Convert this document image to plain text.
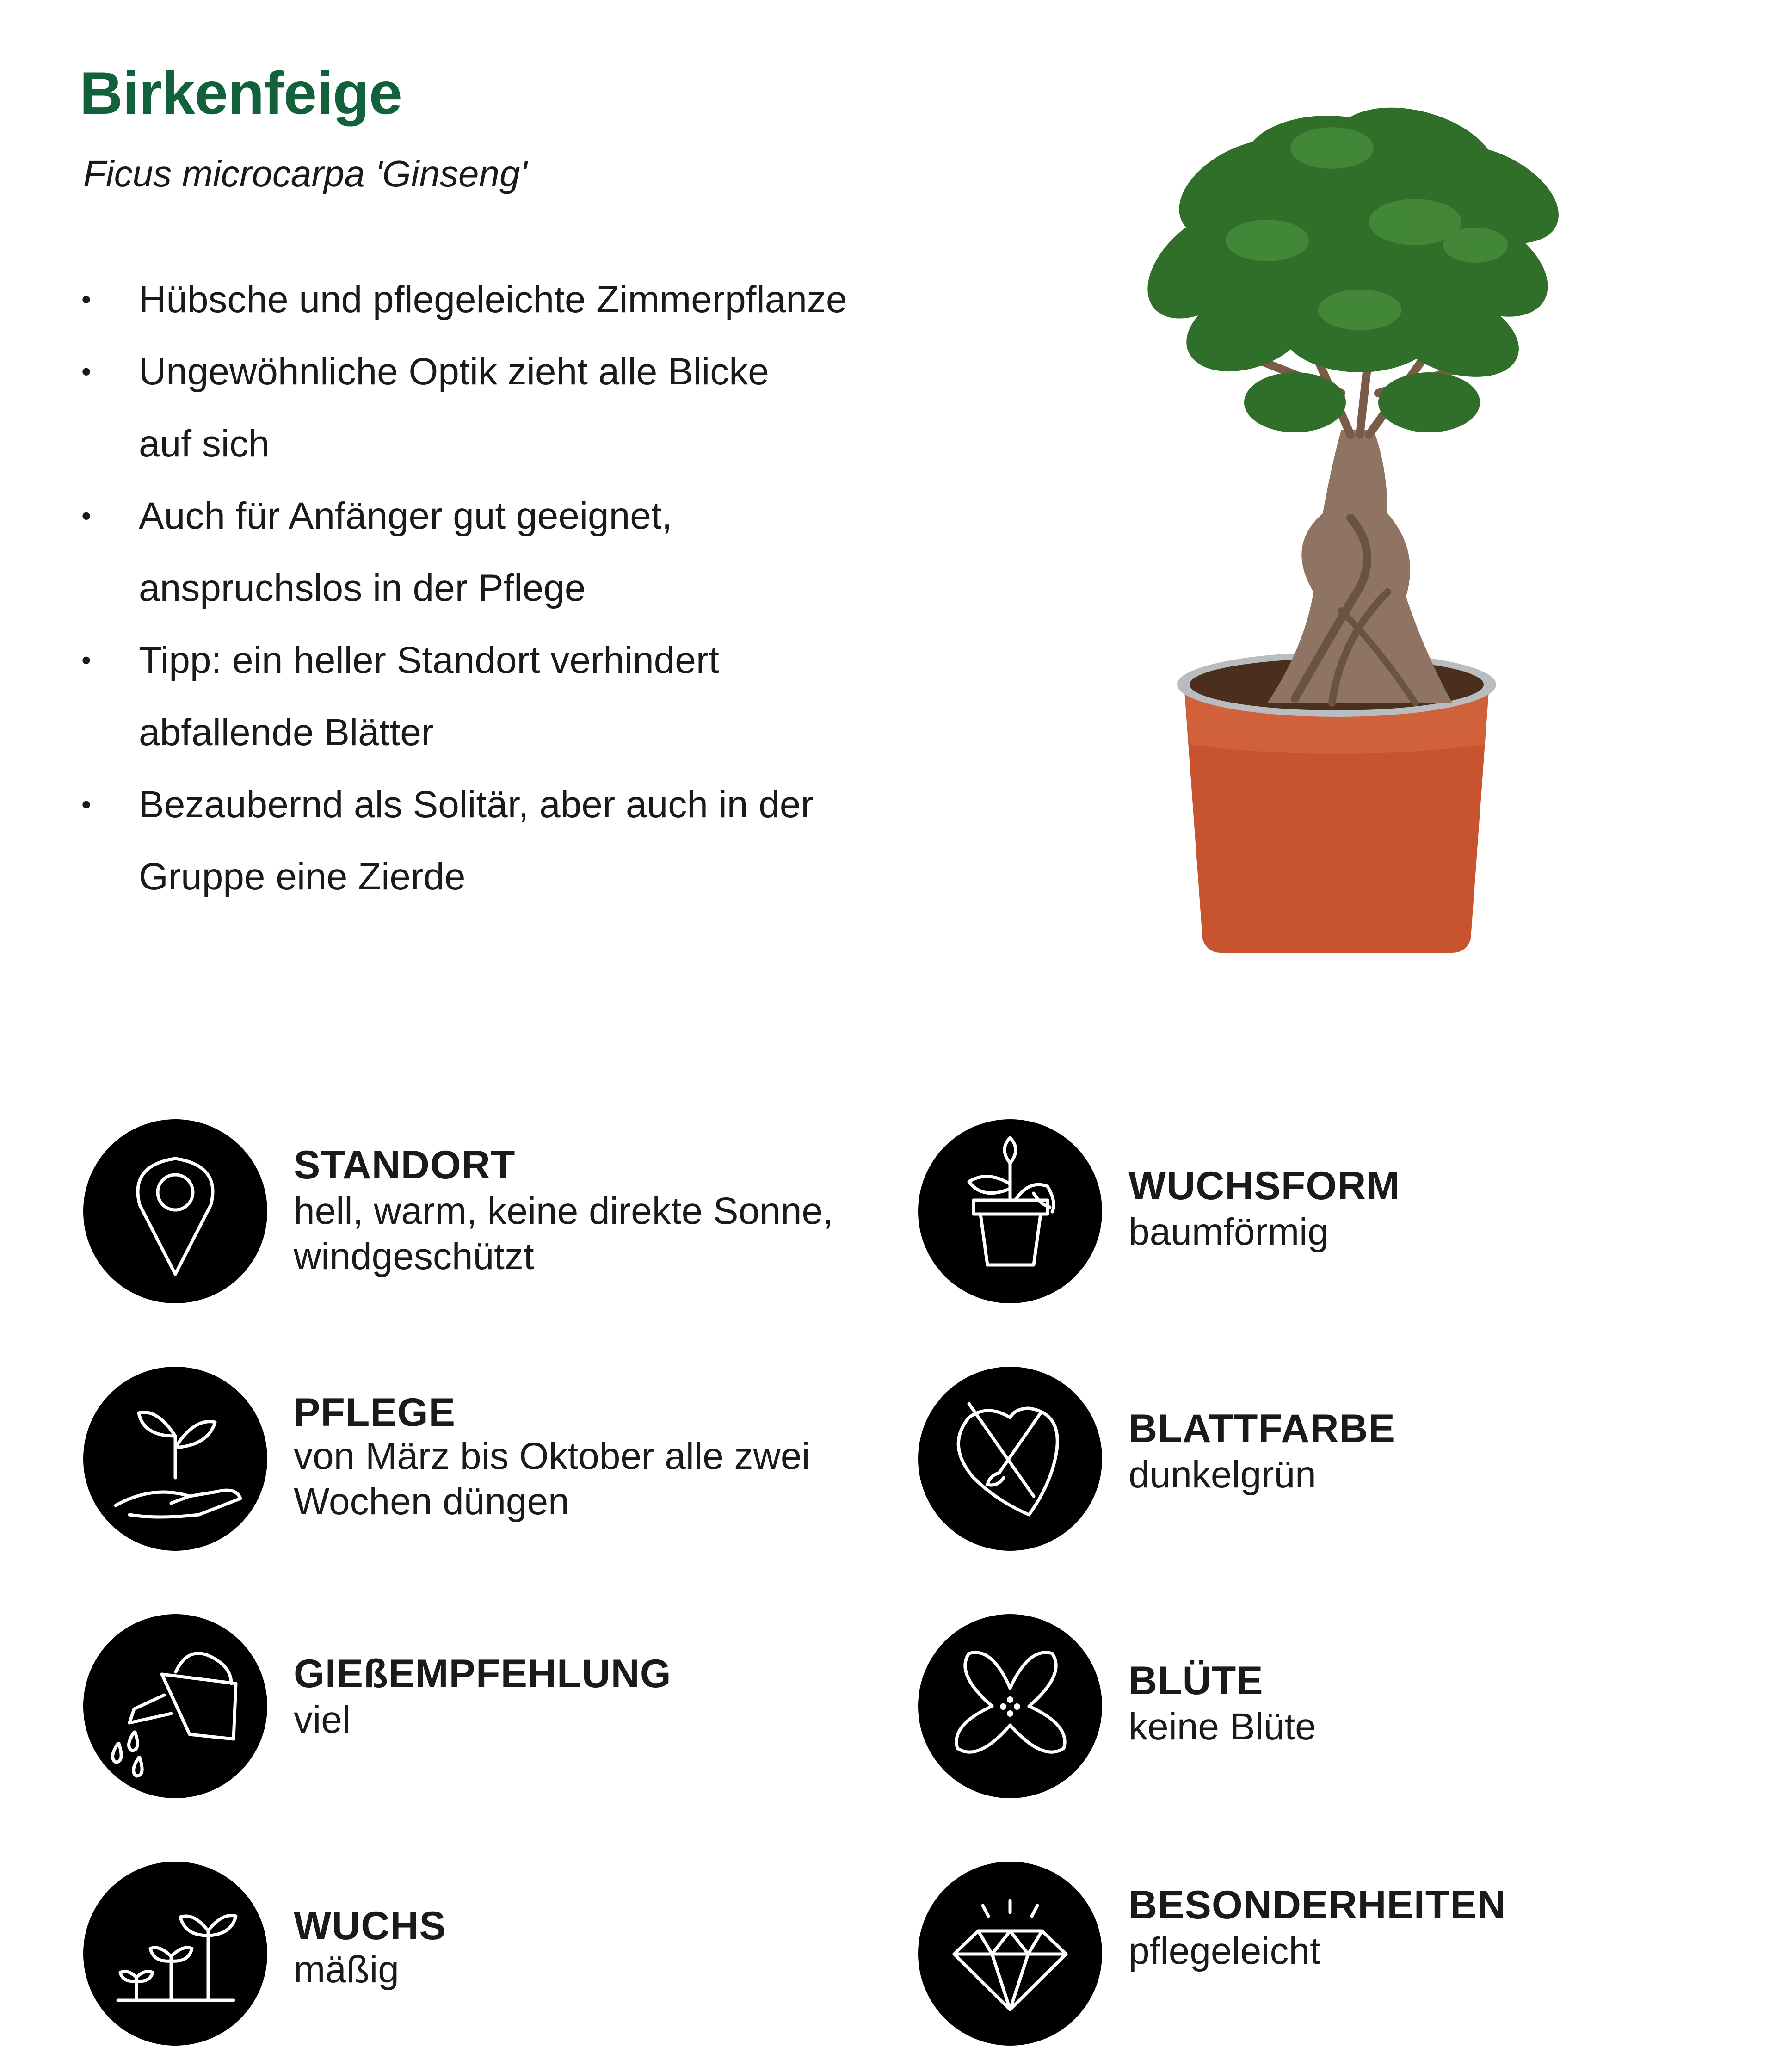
Birkenfeige

Ficus microcarpa 'Ginseng'

• Hübsche und pflegeleichte Zimmerpflanze
• Ungewöhnliche Optik zieht alle Blicke
auf sich
• Auch für Anfänger gut geeignet,
anspruchslos in der Pflege
• Tipp: ein heller Standort verhindert
abfallende Blätter
• Bezaubernd als Solitär, aber auch in der
Gruppe eine Zierde
STANDORT
hell, warm, keine direkte Sonne, windgeschützt
PFLEGE
von März bis Oktober alle zwei Wochen düngen
GIEßEMPFEHLUNG
viel
WUCHS
mäßig
WUCHSFORM
baumförmig
BLATTFARBE
dunkelgrün
BLÜTE
keine Blüte
BESONDERHEITEN
pflegeleicht
